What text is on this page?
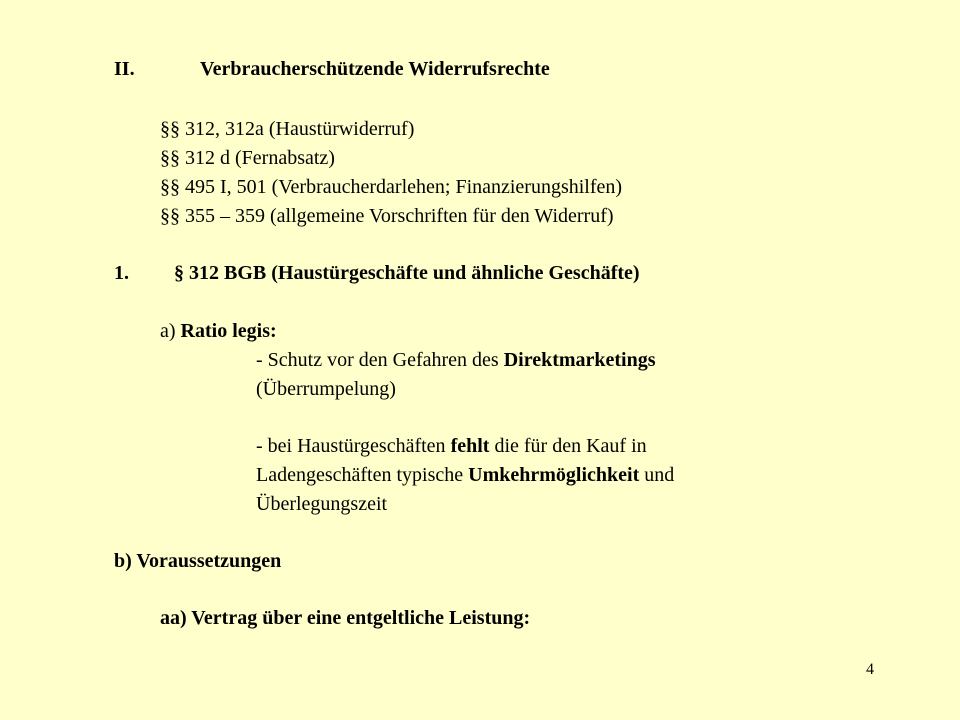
II.	Verbraucherschützende Widerrufsrechte
§§ 312, 312a (Haustürwiderruf)
§§ 312 d (Fernabsatz)
§§ 495 I, 501 (Verbraucherdarlehen; Finanzierungshilfen)
§§ 355 – 359 (allgemeine Vorschriften für den Widerruf)
1. § 312 BGB (Haustürgeschäfte und ähnliche Geschäfte)
a) Ratio legis:
- Schutz vor den Gefahren des Direktmarketings
(Überrumpelung)
- bei Haustürgeschäften fehlt die für den Kauf in
Ladengeschäften typische Umkehrmöglichkeit und
Überlegungszeit
b) Voraussetzungen
aa) Vertrag über eine entgeltliche Leistung:
4
